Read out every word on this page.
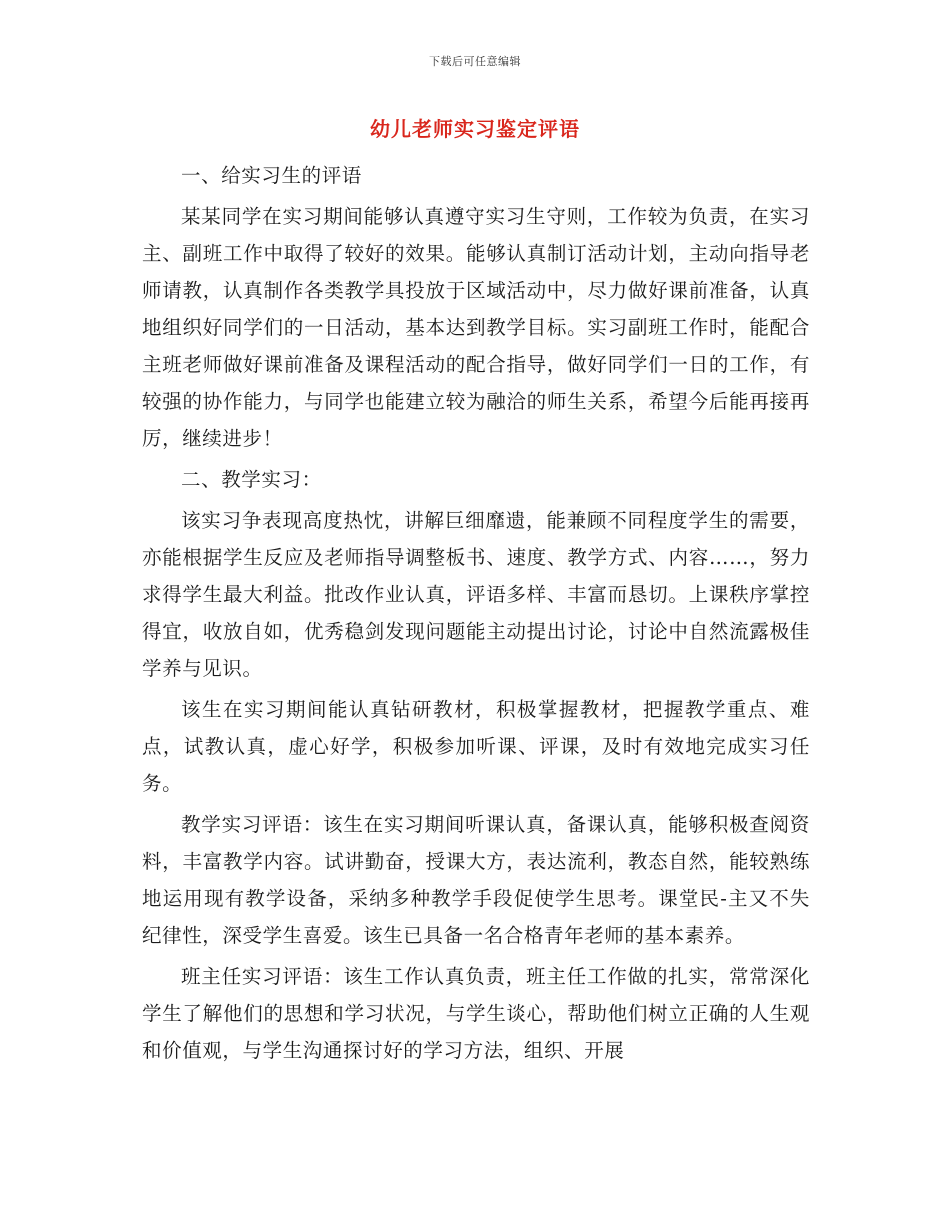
下载后可任意编辑
幼儿老师实习鉴定评语

一、给实习生的评语

某某同学在实习期间能够认真遵守实习生守则，工作较为负责，在实习主、副班工作中取得了较好的效果。能够认真制订活动计划，主动向指导老师请教，认真制作各类教学具投放于区域活动中，尽力做好课前准备，认真地组织好同学们的一日活动，基本达到教学目标。实习副班工作时，能配合主班老师做好课前准备及课程活动的配合指导，做好同学们一日的工作，有较强的协作能力，与同学也能建立较为融洽的师生关系，希望今后能再接再厉，继续进步！

二、教学实习：

该实习争表现高度热忱，讲解巨细靡遗，能兼顾不同程度学生的需要，亦能根据学生反应及老师指导调整板书、速度、教学方式、内容……，努力求得学生最大利益。批改作业认真，评语多样、丰富而恳切。上课秩序掌控得宜，收放自如，优秀稳剑发现问题能主动提出讨论，讨论中自然流露极佳学养与见识。

该生在实习期间能认真钻研教材，积极掌握教材，把握教学重点、难点，试教认真，虚心好学，积极参加听课、评课，及时有效地完成实习任务。

教学实习评语：该生在实习期间听课认真，备课认真，能够积极查阅资料，丰富教学内容。试讲勤奋，授课大方，表达流利，教态自然，能较熟练地运用现有教学设备，采纳多种教学手段促使学生思考。课堂民-主又不失纪律性，深受学生喜爱。该生已具备一名合格青年老师的基本素养。

班主任实习评语：该生工作认真负责，班主任工作做的扎实，常常深化学生了解他们的思想和学习状况，与学生谈心，帮助他们树立正确的人生观和价值观，与学生沟通探讨好的学习方法，组织、开展
